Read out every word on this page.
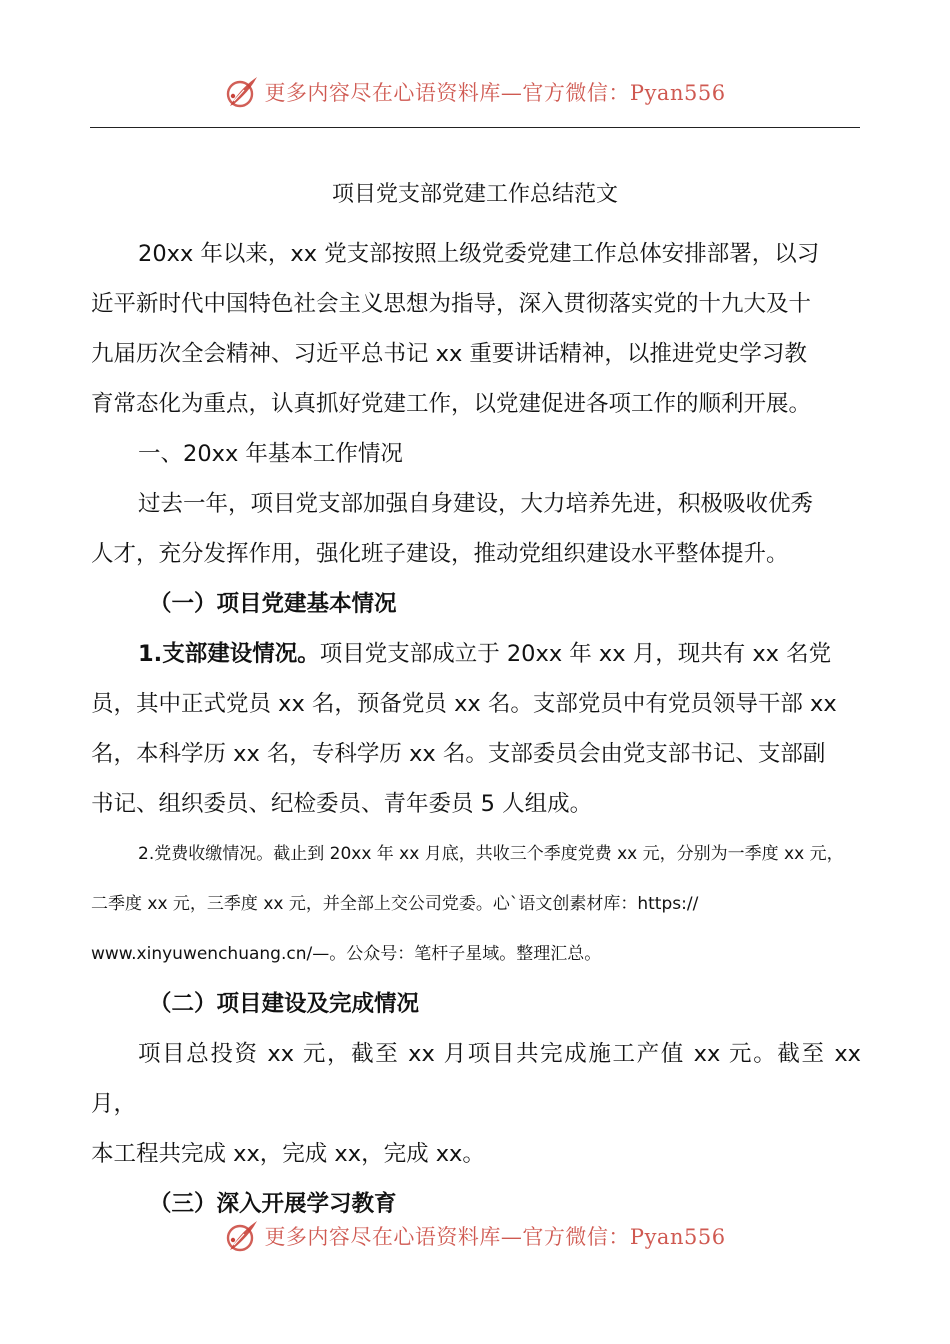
更多内容尽在心语资料库—官方微信：Pyan556
项目党支部党建工作总结范文

20xx 年以来，xx 党支部按照上级党委党建工作总体安排部署，以习

近平新时代中国特色社会主义思想为指导，深入贯彻落实党的十九大及十

九届历次全会精神、习近平总书记 xx 重要讲话精神，以推进党史学习教

育常态化为重点，认真抓好党建工作，以党建促进各项工作的顺利开展。

一、20xx 年基本工作情况

过去一年，项目党支部加强自身建设，大力培养先进，积极吸收优秀

人才，充分发挥作用，强化班子建设，推动党组织建设水平整体提升。

（一）项目党建基本情况

1.支部建设情况。项目党支部成立于 20xx 年 xx 月，现共有 xx 名党

员，其中正式党员 xx 名，预备党员 xx 名。支部党员中有党员领导干部 xx

名，本科学历 xx 名，专科学历 xx 名。支部委员会由党支部书记、支部副

书记、组织委员、纪检委员、青年委员 5 人组成。

2.党费收缴情况。截止到 20xx 年 xx 月底，共收三个季度党费 xx 元，分别为一季度 xx 元，

二季度 xx 元，三季度 xx 元，并全部上交公司党委。心`语文创素材库：https://

www.xinyuwenchuang.cn/—。公众号：笔杆子星域。整理汇总。

（二）项目建设及完成情况

项目总投资 xx 元，截至 xx 月项目共完成施工产值 xx 元。截至 xx 月，

本工程共完成 xx，完成 xx，完成 xx。

（三）深入开展学习教育

更多内容尽在心语资料库—官方微信：Pyan556
